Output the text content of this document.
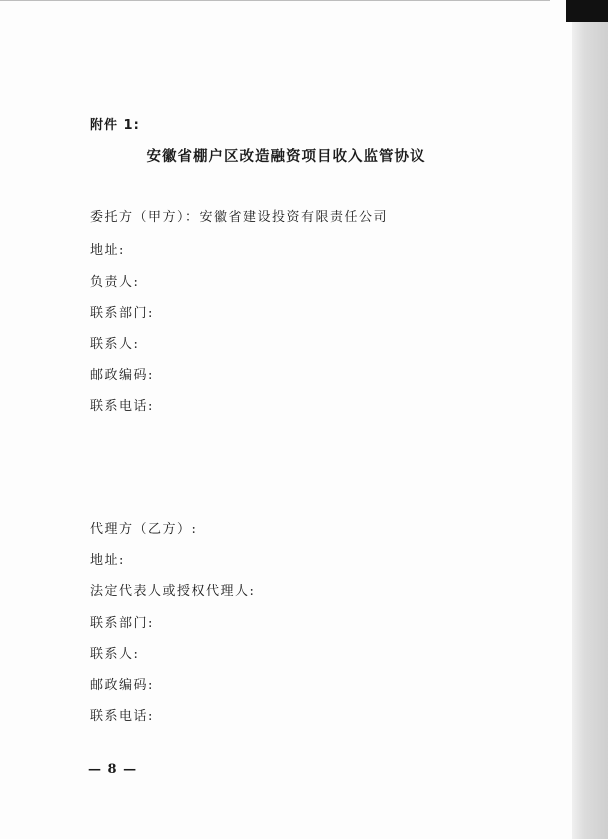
附件 1:
安徽省棚户区改造融资项目收入监管协议
委托方（甲方）：安徽省建设投资有限责任公司
地址:
负责人:
联系部门:
联系人:
邮政编码:
联系电话:
代理方（乙方）:
地址:
法定代表人或授权代理人:
联系部门:
联系人:
邮政编码:
联系电话:
— 8 —
